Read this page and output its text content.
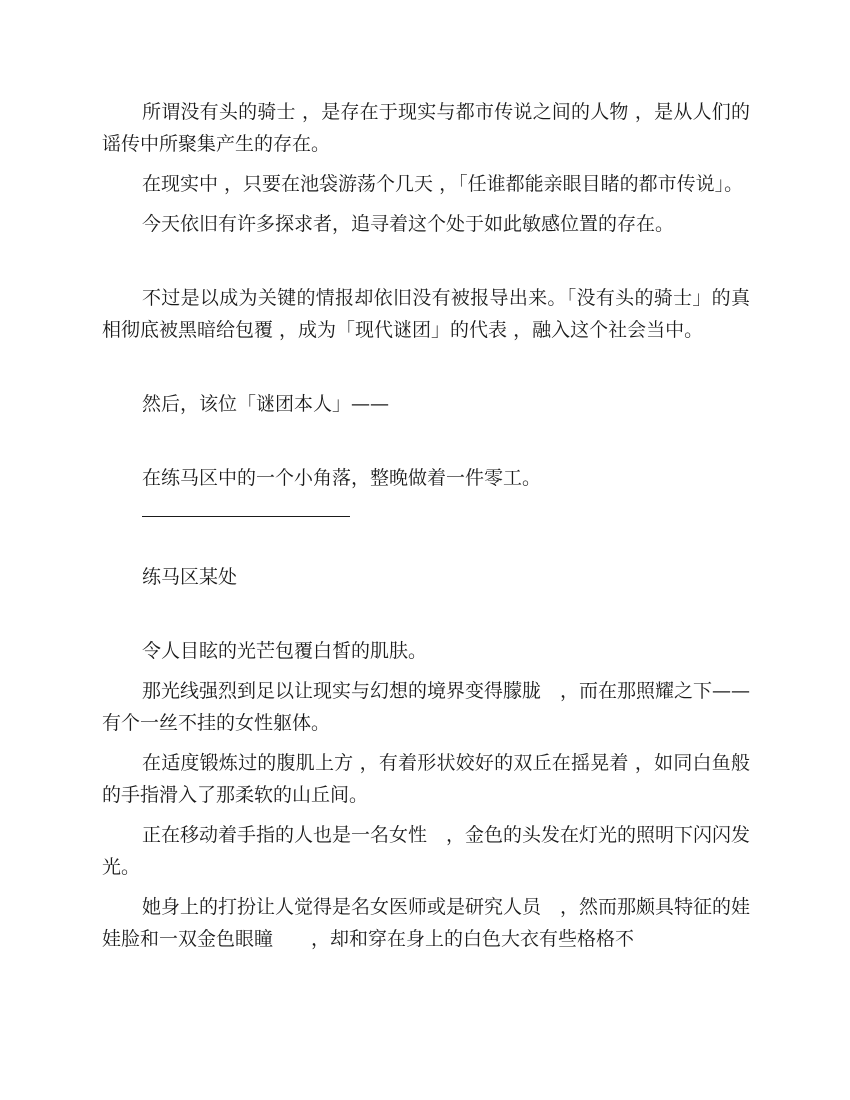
所谓没有头的骑士 ，是存在于现实与都市传说之间的人物 ，是从人们的谣传中所聚集产生的存在。

在现实中 ，只要在池袋游荡个几天 ，「任谁都能亲眼目睹的都市传说」。

今天依旧有许多探求者，追寻着这个处于如此敏感位置的存在。

不过是以成为关键的情报却依旧没有被报导出来。「没有头的骑士」的真相彻底被黑暗给包覆 ，成为「现代谜团」的代表 ，融入这个社会当中。

然后，该位「谜团本人」——

在练马区中的一个小角落，整晚做着一件零工。

练马区某处

令人目眩的光芒包覆白皙的肌肤。

那光线强烈到足以让现实与幻想的境界变得朦胧　，而在那照耀之下——有个一丝不挂的女性躯体。

在适度锻炼过的腹肌上方 ，有着形状姣好的双丘在摇晃着 ，如同白鱼般的手指滑入了那柔软的山丘间。

正在移动着手指的人也是一名女性　，金色的头发在灯光的照明下闪闪发光。

她身上的打扮让人觉得是名女医师或是研究人员　，然而那颇具特征的娃娃脸和一双金色眼瞳　　，却和穿在身上的白色大衣有些格格不
